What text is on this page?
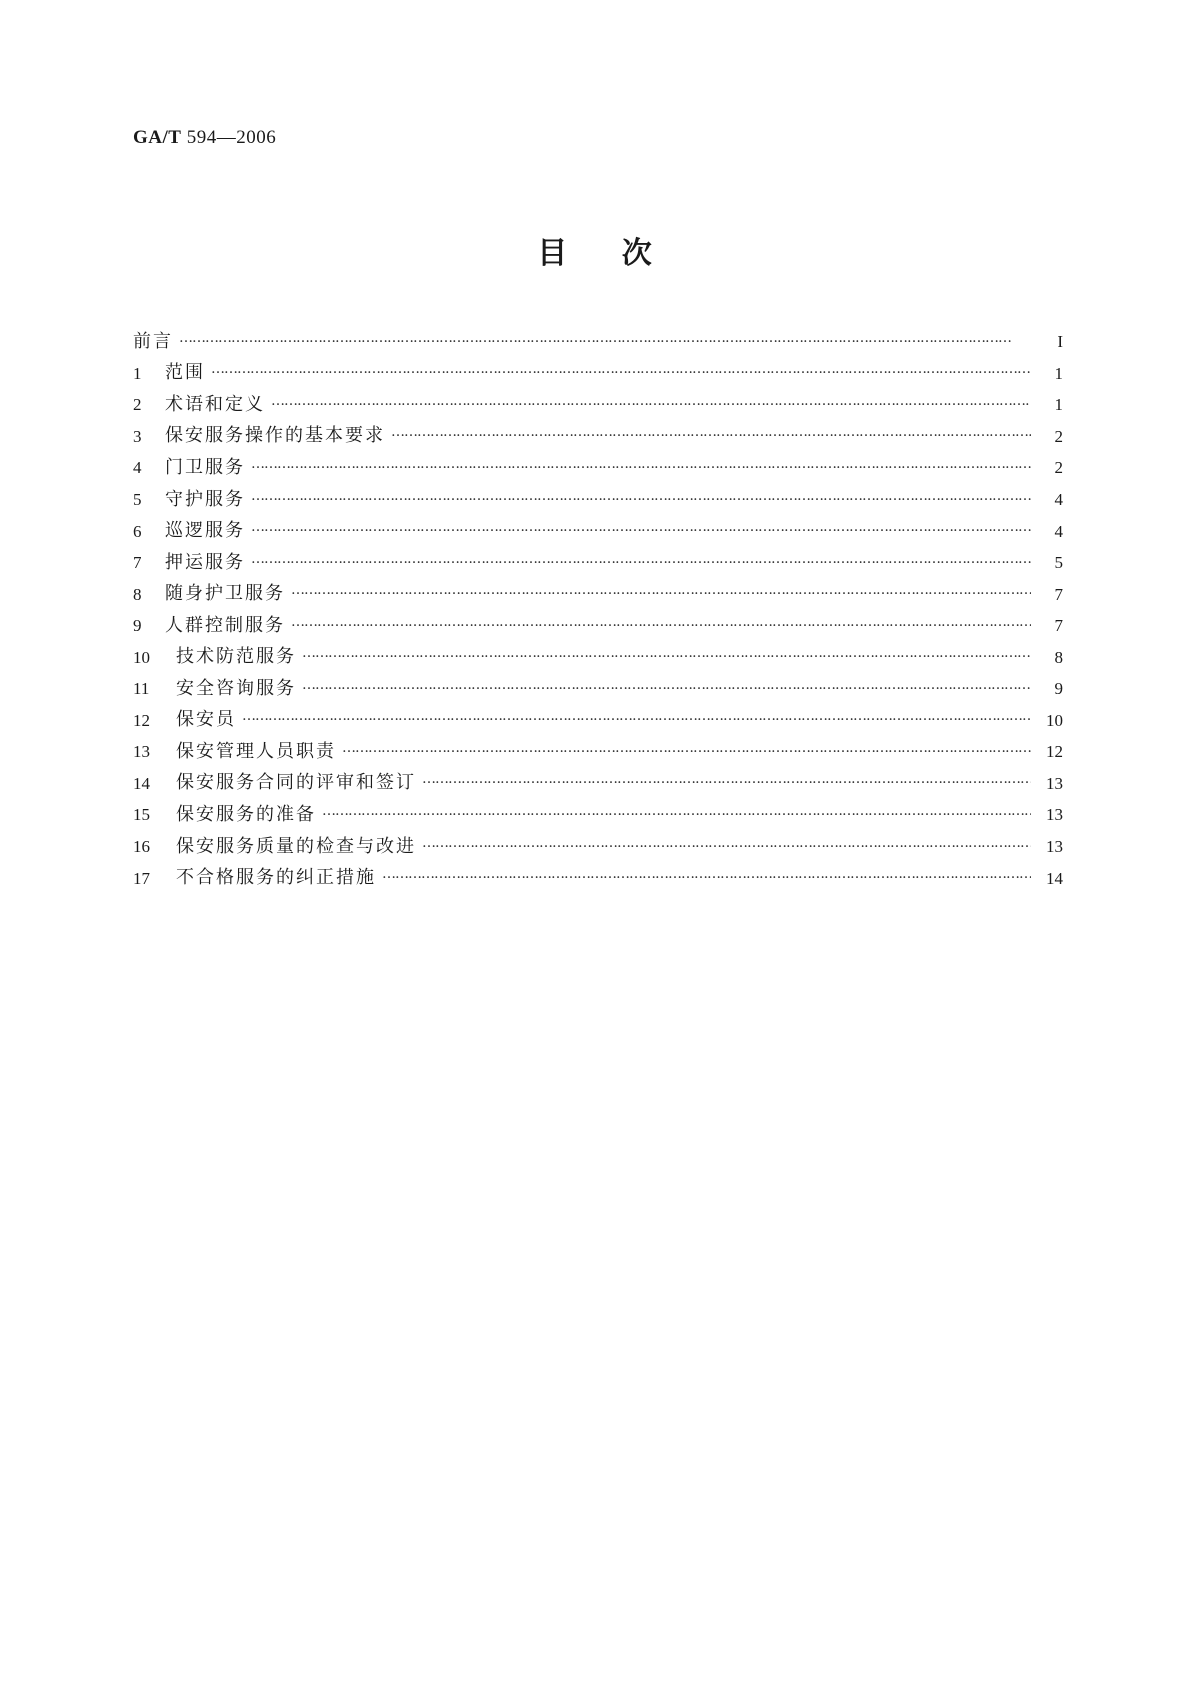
GA/T 594—2006
目 次
前言 …………………………………………………………………………………………………………………………………………………………………………	I
1	范围 …………………………………………………………………………………………………………………………………………………………………………	1
2	术语和定义 …………………………………………………………………………………………………………………………………………………………………………	1
3	保安服务操作的基本要求 …………………………………………………………………………………………………………………………………………………………………………	2
4	门卫服务 …………………………………………………………………………………………………………………………………………………………………………	2
5	守护服务 …………………………………………………………………………………………………………………………………………………………………………	4
6	巡逻服务 …………………………………………………………………………………………………………………………………………………………………………	4
7	押运服务 …………………………………………………………………………………………………………………………………………………………………………	5
8	随身护卫服务 …………………………………………………………………………………………………………………………………………………………………………	7
9	人群控制服务 …………………………………………………………………………………………………………………………………………………………………………	7
10	技术防范服务 …………………………………………………………………………………………………………………………………………………………………………	8
11	安全咨询服务 …………………………………………………………………………………………………………………………………………………………………………	9
12	保安员 …………………………………………………………………………………………………………………………………………………………………………	10
13	保安管理人员职责 …………………………………………………………………………………………………………………………………………………………………………	12
14	保安服务合同的评审和签订 …………………………………………………………………………………………………………………………………………………………………………	13
15	保安服务的准备 …………………………………………………………………………………………………………………………………………………………………………	13
16	保安服务质量的检查与改进 …………………………………………………………………………………………………………………………………………………………………………	13
17	不合格服务的纠正措施 …………………………………………………………………………………………………………………………………………………………………………	14
